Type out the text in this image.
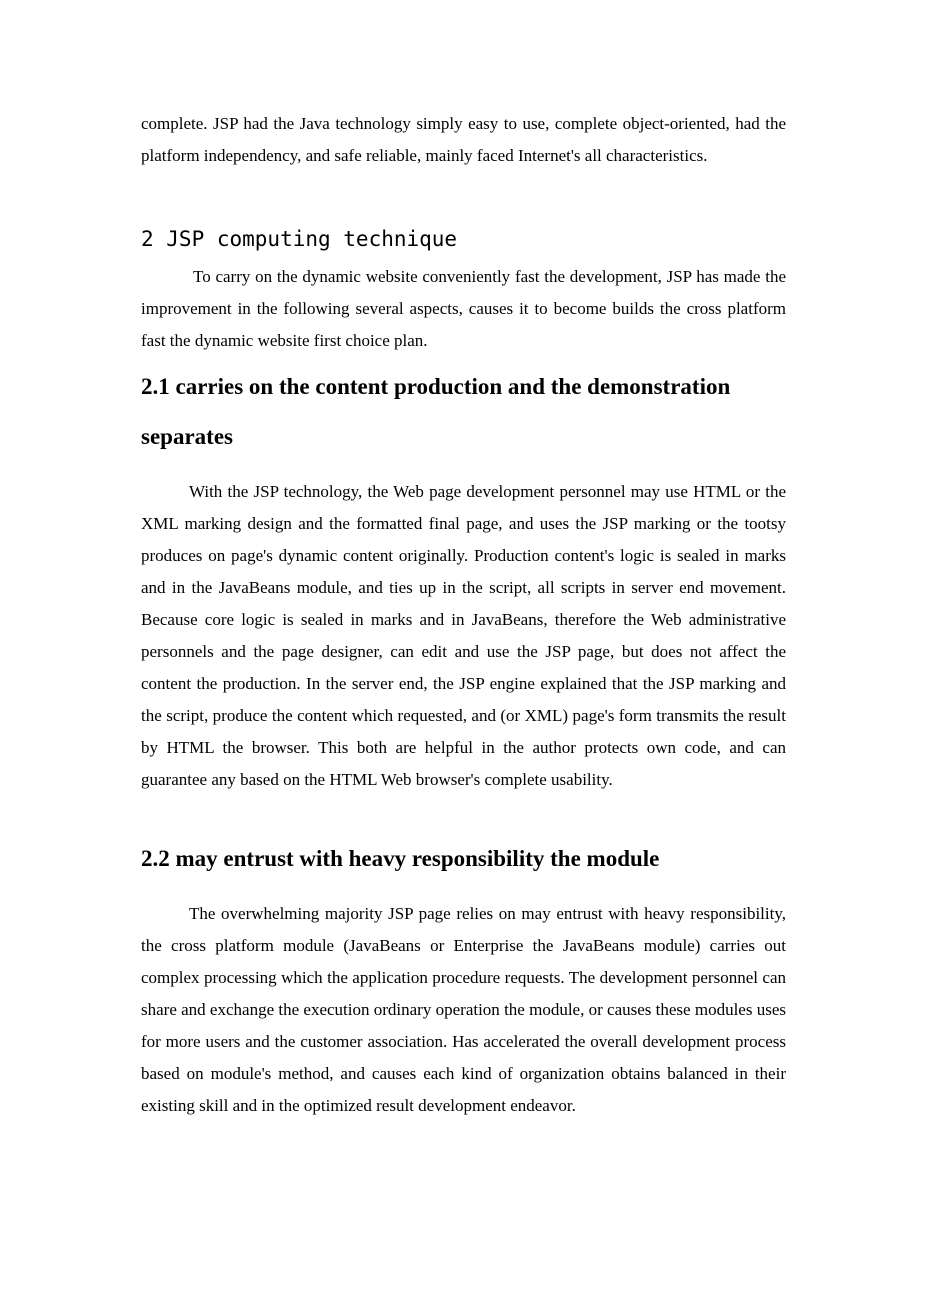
complete. JSP had the Java technology simply easy to use, complete object-oriented, had the platform independency, and safe reliable, mainly faced Internet's all characteristics.

2 JSP computing technique

To carry on the dynamic website conveniently fast the development, JSP has made the improvement in the following several aspects, causes it to become builds the cross platform fast the dynamic website first choice plan.

2.1 carries on the content production and the demonstration separates

With the JSP technology, the Web page development personnel may use HTML or the XML marking design and the formatted final page, and uses the JSP marking or the tootsy produces on page's dynamic content originally. Production content's logic is sealed in marks and in the JavaBeans module, and ties up in the script, all scripts in server end movement. Because core logic is sealed in marks and in JavaBeans, therefore the Web administrative personnels and the page designer, can edit and use the JSP page, but does not affect the content the production. In the server end, the JSP engine explained that the JSP marking and the script, produce the content which requested, and (or XML) page's form transmits the result by HTML the browser. This both are helpful in the author protects own code, and can guarantee any based on the HTML Web browser's complete usability.

2.2 may entrust with heavy responsibility the module

The overwhelming majority JSP page relies on may entrust with heavy responsibility, the cross platform module (JavaBeans or Enterprise the JavaBeans module) carries out complex processing which the application procedure requests. The development personnel can share and exchange the execution ordinary operation the module, or causes these modules uses for more users and the customer association. Has accelerated the overall development process based on module's method, and causes each kind of organization obtains balanced in their existing skill and in the optimized result development endeavor.
